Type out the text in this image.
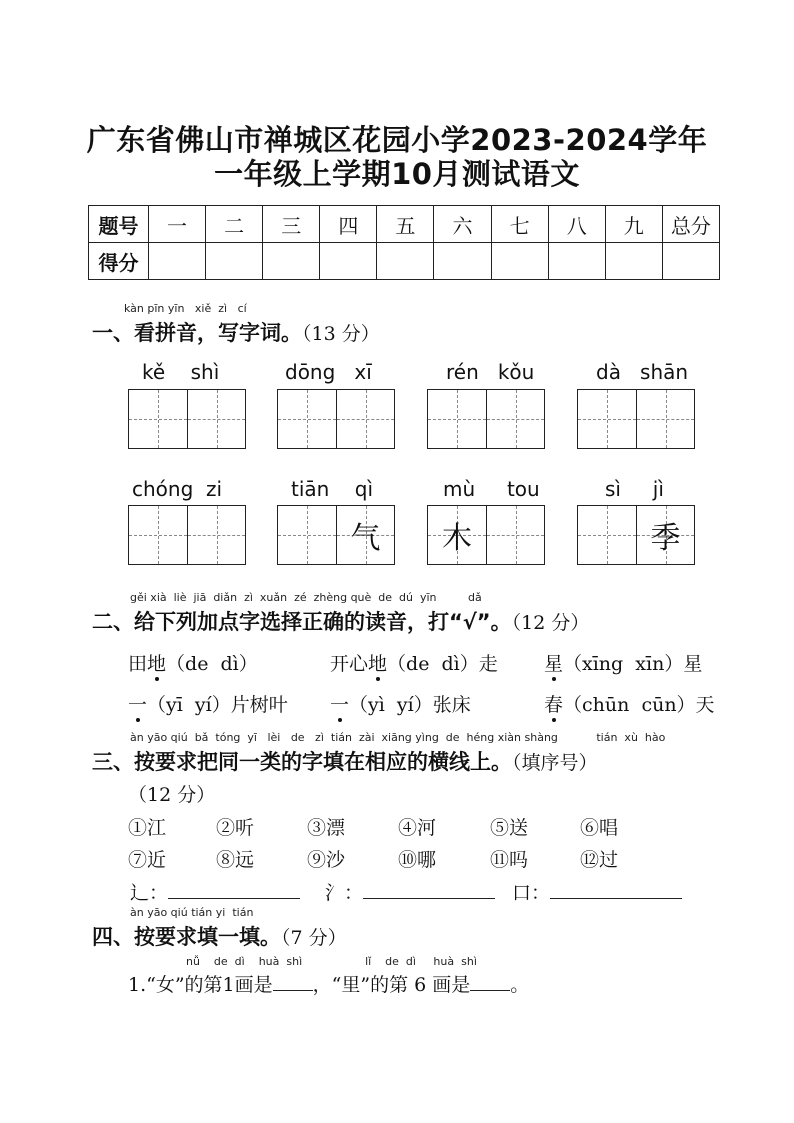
广东省佛山市禅城区花园小学2023-2024学年
一年级上学期10月测试语文
题号	一	二	三	四	五	六	七	八	九	总分
得分										
kàn pīn yīn   xiě  zì   cí
一、看拼音，写字词。（13 分）
kě    shì	dōng   xī	rén   kǒu	dà   shān
chóng  zi	tiān    qì	mù     tou	sì     jì
气	木	季
gěi xià  liè  jiā  diǎn  zì  xuǎn  zé  zhèng què  de  dú  yīn         dǎ
二、给下列加点字选择正确的读音，打“√”。（12 分）
田地（de  dì）	开心地（de  dì）走 星（xīng  xīn）星
一（yī  yí）片树叶 一（yì  yí）张床	春（chūn  cūn）天
àn yāo qiú  bǎ  tóng  yī   lèi   de   zì  tián  zài  xiāng yìng  de  héng xiàn shàng           tián  xù  hào
三、按要求把同一类的字填在相应的横线上。（填序号）
（12 分）
①江	②听	③漂	④河	⑤送	⑥唱
⑦近	⑧远	⑨沙	⑩哪	⑪吗	⑫过
辶：	氵：	口：
àn yāo qiú tián yi  tián
四、按要求填一填。（7 分）
nǚ    de  dì    huà  shì                  lǐ    de  dì     huà  shì
1.“女”的第1画是 ，“里”的第 6 画是 。
